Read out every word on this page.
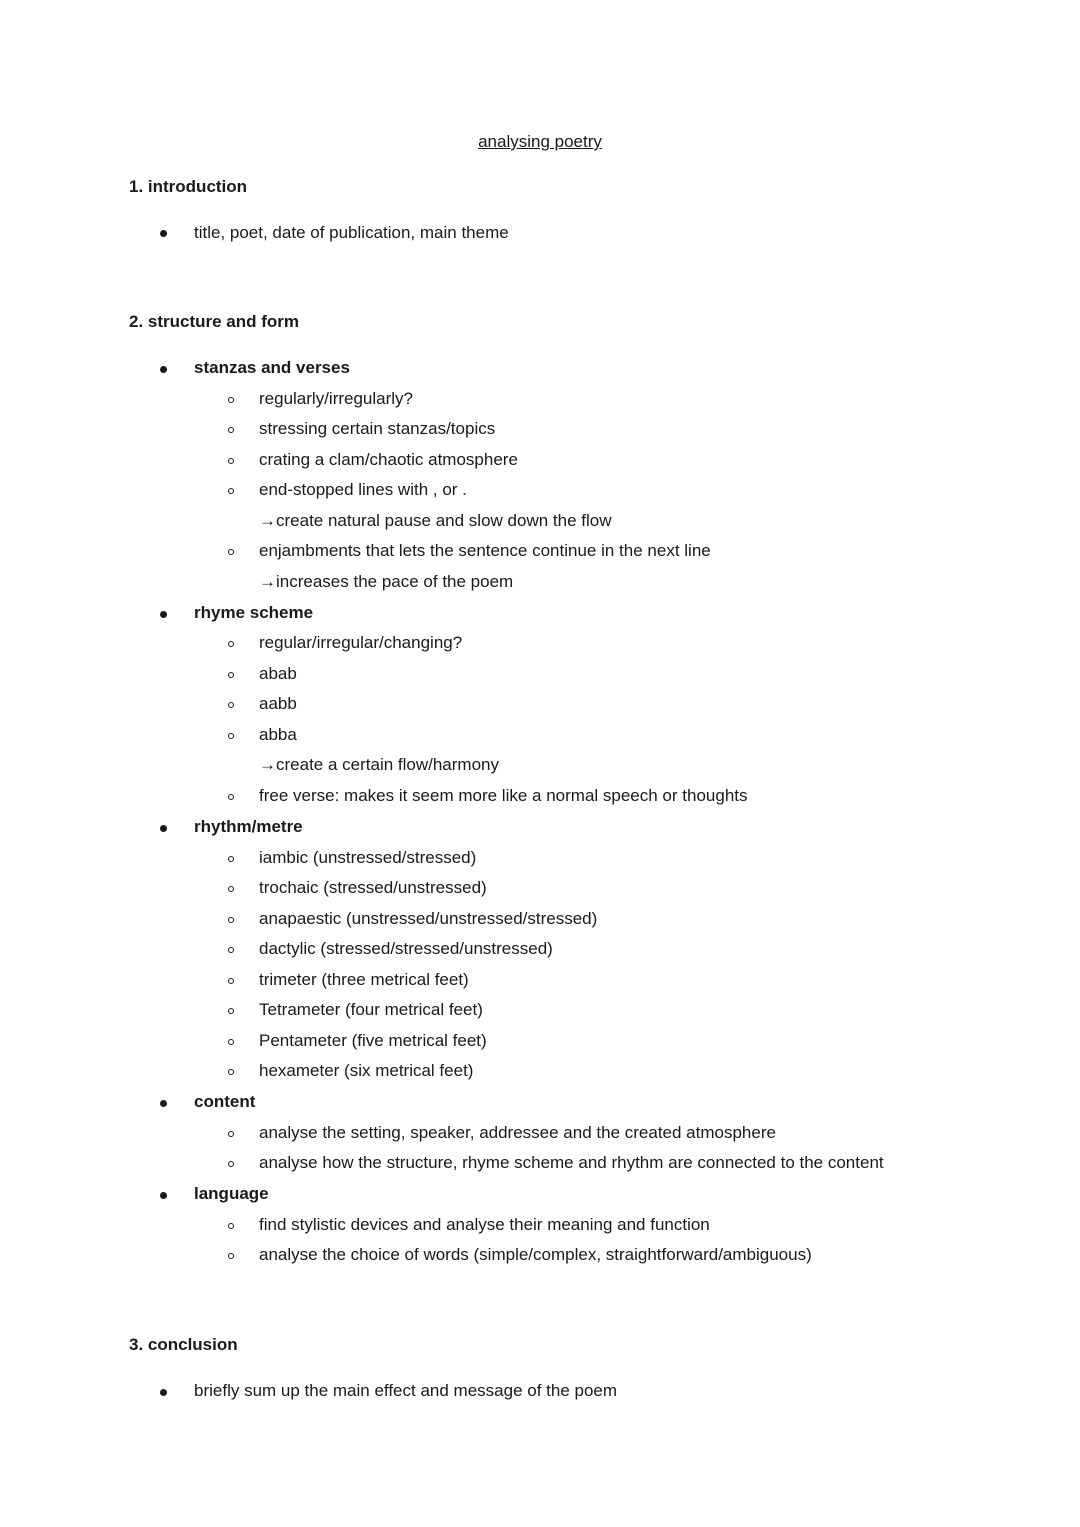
analysing poetry
1. introduction
title, poet, date of publication, main theme
2. structure and form
stanzas and verses
regularly/irregularly?
stressing certain stanzas/topics
crating a clam/chaotic atmosphere
end-stopped lines with , or .
→create natural pause and slow down the flow
enjambments that lets the sentence continue in the next line
→increases the pace of the poem
rhyme scheme
regular/irregular/changing?
abab
aabb
abba
→create a certain flow/harmony
free verse: makes it seem more like a normal speech or thoughts
rhythm/metre
iambic (unstressed/stressed)
trochaic (stressed/unstressed)
anapaestic (unstressed/unstressed/stressed)
dactylic (stressed/stressed/unstressed)
trimeter (three metrical feet)
Tetrameter (four metrical feet)
Pentameter (five metrical feet)
hexameter (six metrical feet)
content
analyse the setting, speaker, addressee and the created atmosphere
analyse how the structure, rhyme scheme and rhythm are connected to the content
language
find stylistic devices and analyse their meaning and function
analyse the choice of words (simple/complex, straightforward/ambiguous)
3. conclusion
briefly sum up the main effect and message of the poem
